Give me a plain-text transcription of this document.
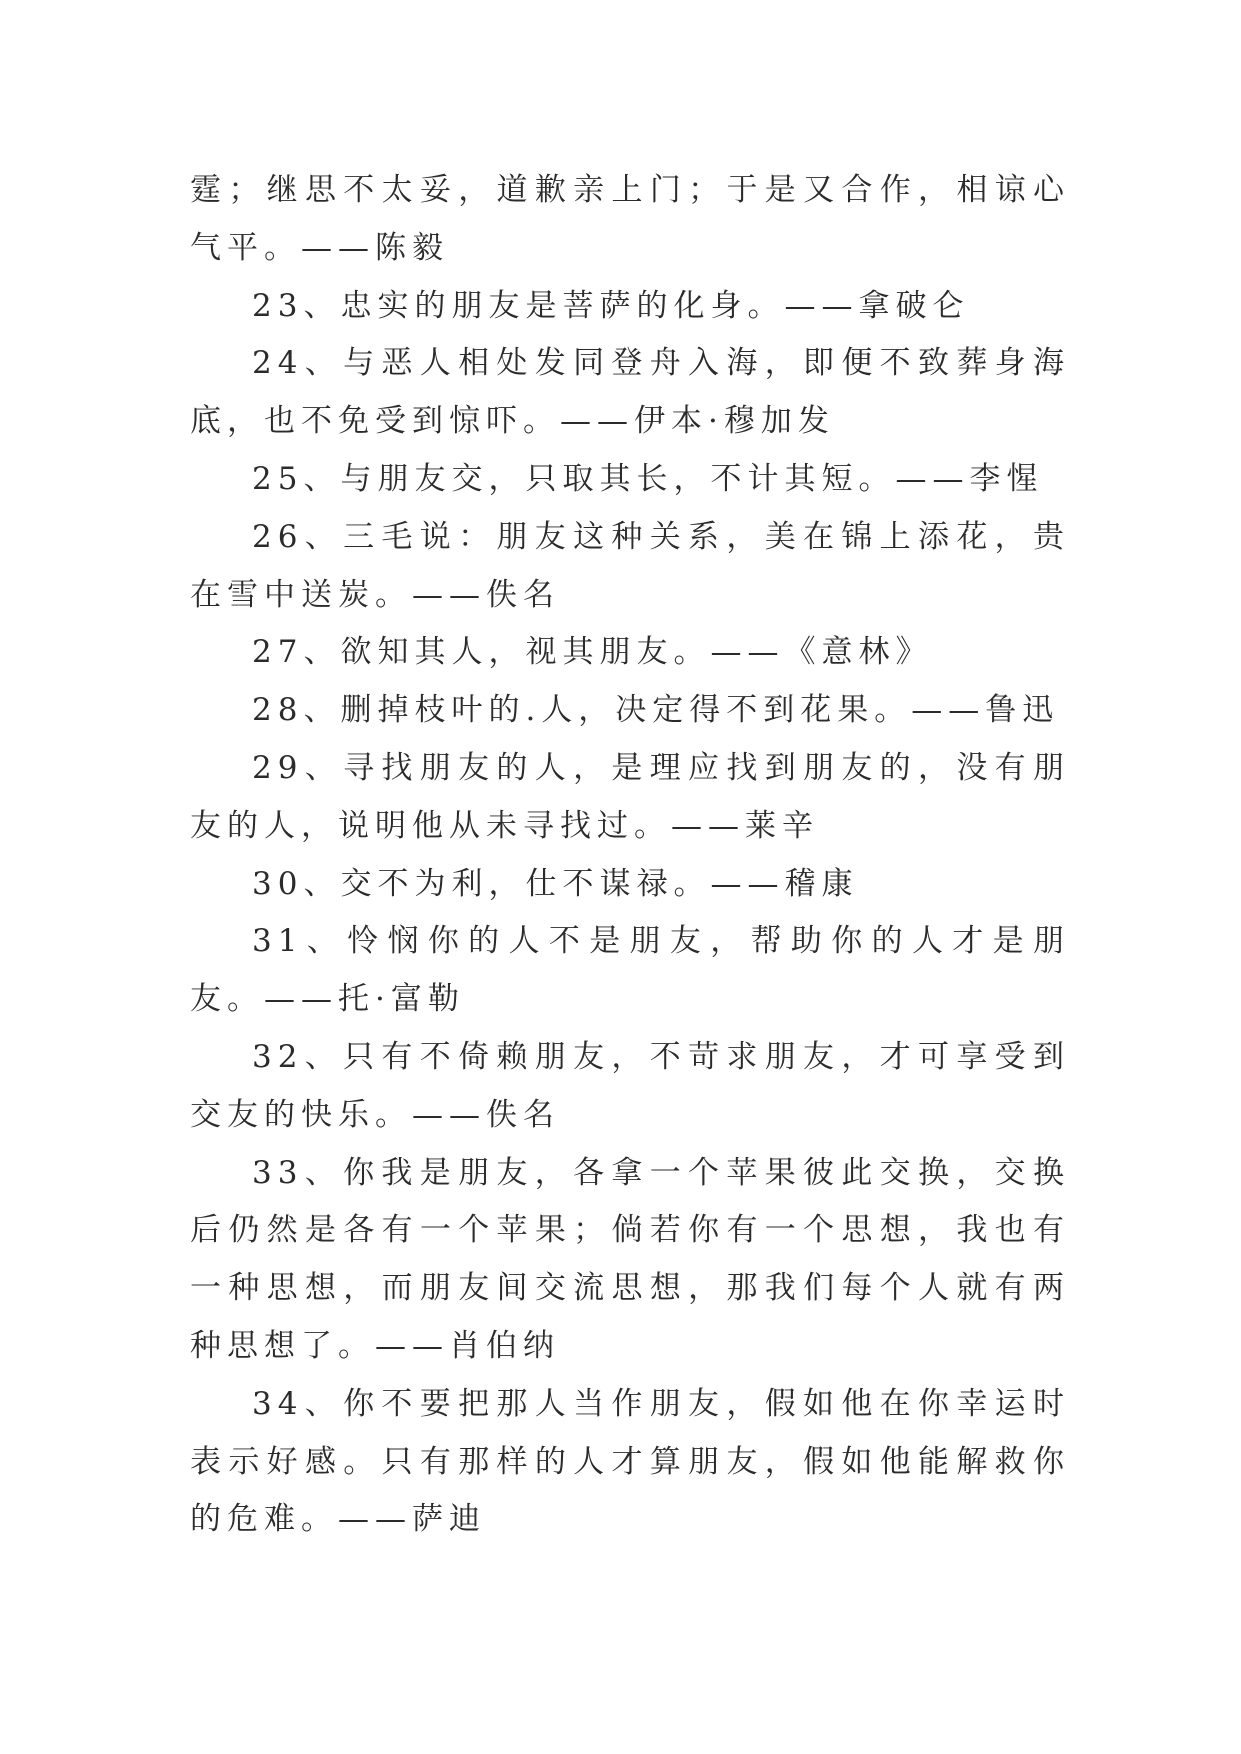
霆；继思不太妥，道歉亲上门；于是又合作，相谅心气平。——陈毅

23、忠实的朋友是菩萨的化身。——拿破仑

24、与恶人相处发同登舟入海，即便不致葬身海底，也不免受到惊吓。——伊本·穆加发

25、与朋友交，只取其长，不计其短。——李惺

26、三毛说：朋友这种关系，美在锦上添花，贵在雪中送炭。——佚名

27、欲知其人，视其朋友。——《意林》

28、删掉枝叶的.人，决定得不到花果。——鲁迅

29、寻找朋友的人，是理应找到朋友的，没有朋友的人，说明他从未寻找过。——莱辛

30、交不为利，仕不谋禄。——稽康

31、怜悯你的人不是朋友，帮助你的人才是朋友。——托·富勒

32、只有不倚赖朋友，不苛求朋友，才可享受到交友的快乐。——佚名

33、你我是朋友，各拿一个苹果彼此交换，交换后仍然是各有一个苹果；倘若你有一个思想，我也有一种思想，而朋友间交流思想，那我们每个人就有两种思想了。——肖伯纳

34、你不要把那人当作朋友，假如他在你幸运时表示好感。只有那样的人才算朋友，假如他能解救你的危难。——萨迪
